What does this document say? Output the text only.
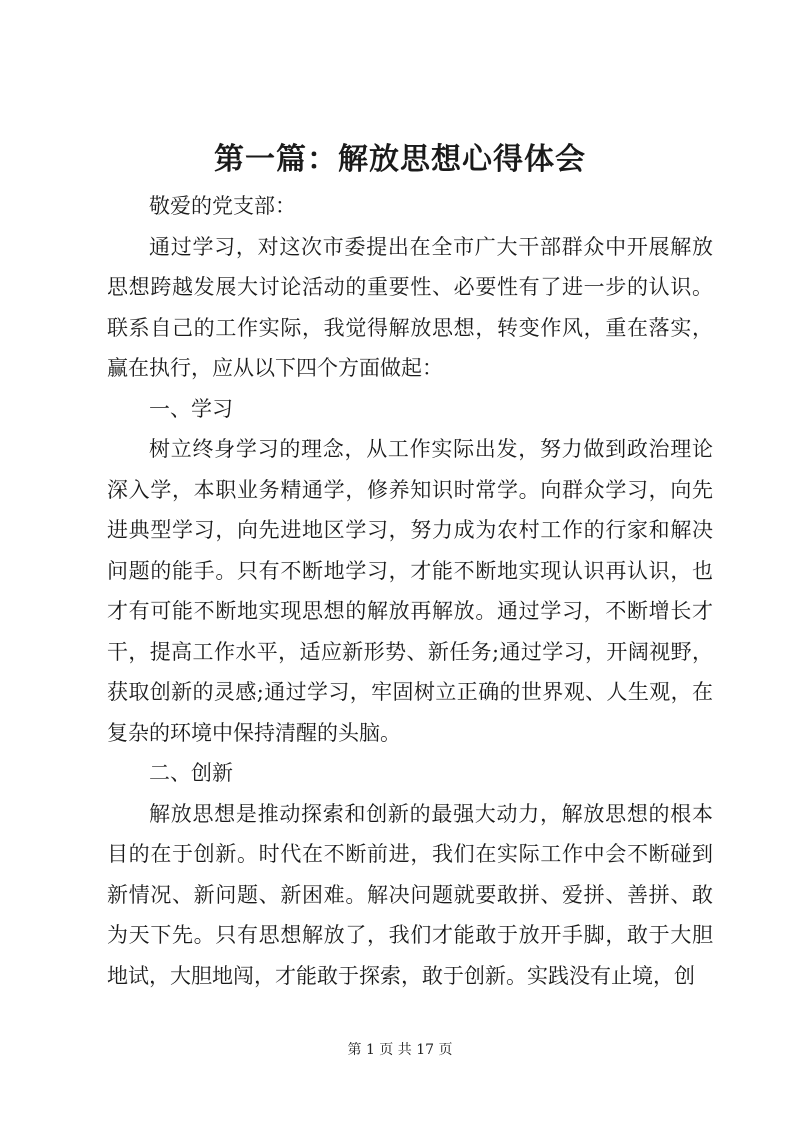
第一篇：解放思想心得体会

敬爱的党支部：

通过学习，对这次市委提出在全市广大干部群众中开展解放思想跨越发展大讨论活动的重要性、必要性有了进一步的认识。联系自己的工作实际，我觉得解放思想，转变作风，重在落实，赢在执行，应从以下四个方面做起：

一、学习

树立终身学习的理念，从工作实际出发，努力做到政治理论深入学，本职业务精通学，修养知识时常学。向群众学习，向先进典型学习，向先进地区学习，努力成为农村工作的行家和解决问题的能手。只有不断地学习，才能不断地实现认识再认识，也才有可能不断地实现思想的解放再解放。通过学习，不断增长才干，提高工作水平，适应新形势、新任务;通过学习，开阔视野，获取创新的灵感;通过学习，牢固树立正确的世界观、人生观，在复杂的环境中保持清醒的头脑。

二、创新

解放思想是推动探索和创新的最强大动力，解放思想的根本目的在于创新。时代在不断前进，我们在实际工作中会不断碰到新情况、新问题、新困难。解决问题就要敢拼、爱拼、善拼、敢为天下先。只有思想解放了，我们才能敢于放开手脚，敢于大胆地试，大胆地闯，才能敢于探索，敢于创新。实践没有止境，创

第 1 页 共 17 页
